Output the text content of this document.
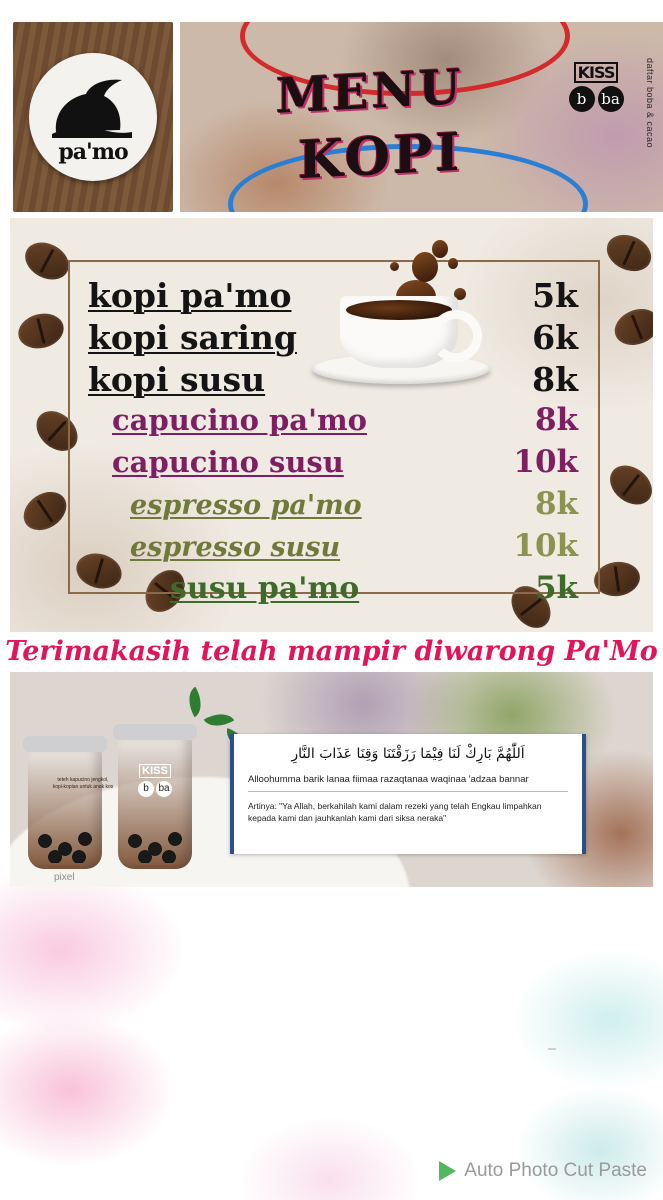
pa'mo
MENU
KOPI
KISS
b ba	daftar boba & cacao
kopi pa'mo	5k
kopi saring	6k
kopi susu	8k
capucino pa'mo	8k
capucino susu	10k
espresso pa'mo	8k
espresso susu	10k
susu pa'mo	5k
Terimakasih telah mampir diwarong Pa'Mo
teteh kapucino jengkol, kopi-kopian untuk anak kos
KISS
b ba
اَللّٰهُمَّ بَارِكْ لَنَا فِيْمَا رَزَقْتَنَا وَقِنَا عَذَابَ النَّارِ
Alloohumma barik lanaa fiimaa razaqtanaa waqinaa 'adzaa bannar
Artinya: "Ya Allah, berkahilah kami dalam rezeki yang telah Engkau limpahkan kepada kami dan jauhkanlah kami dari siksa neraka"
pixel
Auto Photo Cut Paste
